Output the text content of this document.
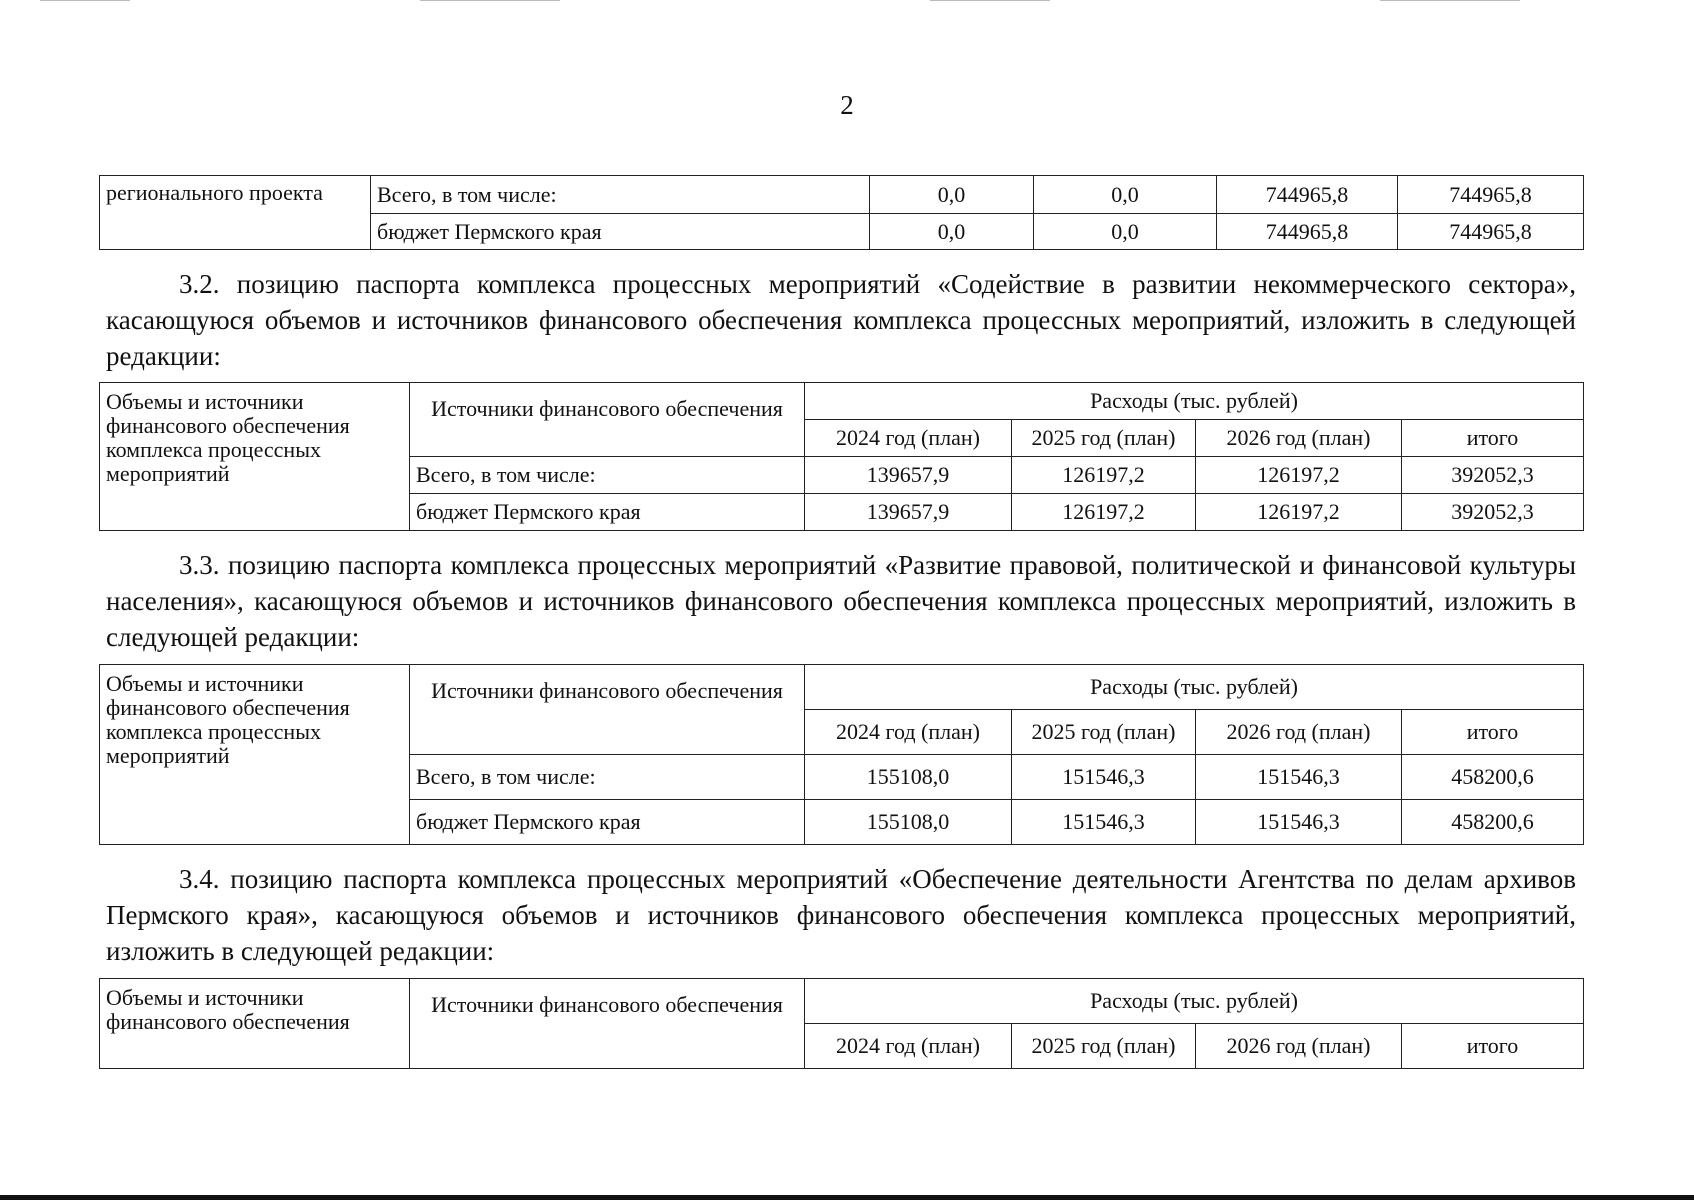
2
регионального проекта	Всего, в том числе:	0,0	0,0	744965,8	744965,8
	бюджет Пермского края	0,0	0,0	744965,8	744965,8
3.2. позицию паспорта комплекса процессных мероприятий «Содействие в развитии некоммерческого сектора», касающуюся объемов и источников финансового обеспечения комплекса процессных мероприятий, изложить в следующей редакции:
Объемы и источники финансового обеспечения комплекса процессных мероприятий	Источники финансового обеспечения	Расходы (тыс. рублей)			
		2024 год (план)	2025 год (план)	2026 год (план)	итого
	Всего, в том числе:	139657,9	126197,2	126197,2	392052,3
	бюджет Пермского края	139657,9	126197,2	126197,2	392052,3
3.3. позицию паспорта комплекса процессных мероприятий «Развитие правовой, политической и финансовой культуры населения», касающуюся объемов и источников финансового обеспечения комплекса процессных мероприятий, изложить в следующей редакции:
Объемы и источники финансового обеспечения комплекса процессных мероприятий	Источники финансового обеспечения	Расходы (тыс. рублей)			
		2024 год (план)	2025 год (план)	2026 год (план)	итого
	Всего, в том числе:	155108,0	151546,3	151546,3	458200,6
	бюджет Пермского края	155108,0	151546,3	151546,3	458200,6
3.4. позицию паспорта комплекса процессных мероприятий «Обеспечение деятельности Агентства по делам архивов Пермского края», касающуюся объемов и источников финансового обеспечения комплекса процессных мероприятий, изложить в следующей редакции:
Объемы и источники финансового обеспечения	Источники финансового обеспечения	Расходы (тыс. рублей)			
		2024 год (план)	2025 год (план)	2026 год (план)	итого
